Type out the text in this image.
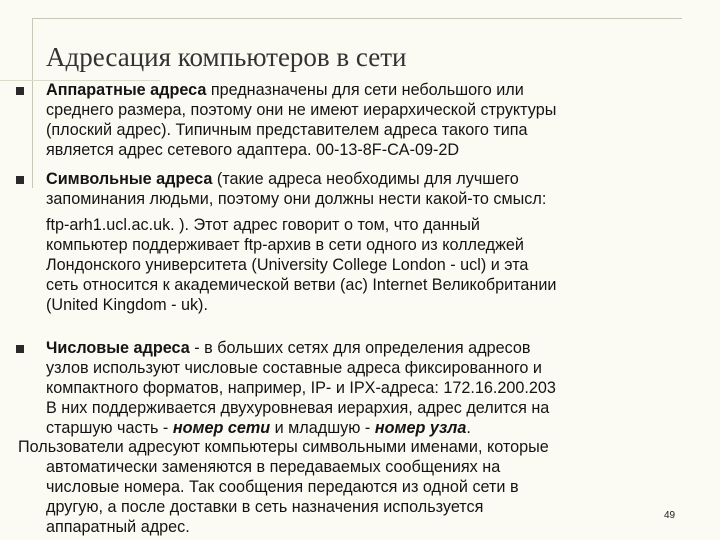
Адресация компьютеров в сети
Аппаратные адреса предназначены для сети небольшого или
среднего размера, поэтому они не имеют иерархической структуры
(плоский адрес). Типичным представителем адреса такого типа
является адрес сетевого адаптера. 00-13-8F-CA-09-2D
Символьные адреса (такие адреса необходимы для лучшего
запоминания людьми, поэтому они должны нести какой-то смысл:
ftp-arh1.ucl.ac.uk. ). Этот адрес говорит о том, что данный
компьютер поддерживает ftp-архив в сети одного из колледжей
Лондонского университета (University College London - ucl) и эта
сеть относится к академической ветви (ac) Internet Великобритании
(United Kingdom - uk).
Числовые адреса - в больших сетях для определения адресов
узлов используют числовые составные адреса фиксированного и
компактного форматов, например, IP- и IPX-адреса: 172.16.200.203
В них поддерживается двухуровневая иерархия, адрес делится на
старшую часть - номер сети и младшую - номер узла.
Пользователи адресуют компьютеры символьными именами, которые
автоматически заменяются в передаваемых сообщениях на
числовые номера. Так сообщения передаются из одной сети в
другую, а после доставки в сеть назначения используется
аппаратный адрес.
49
